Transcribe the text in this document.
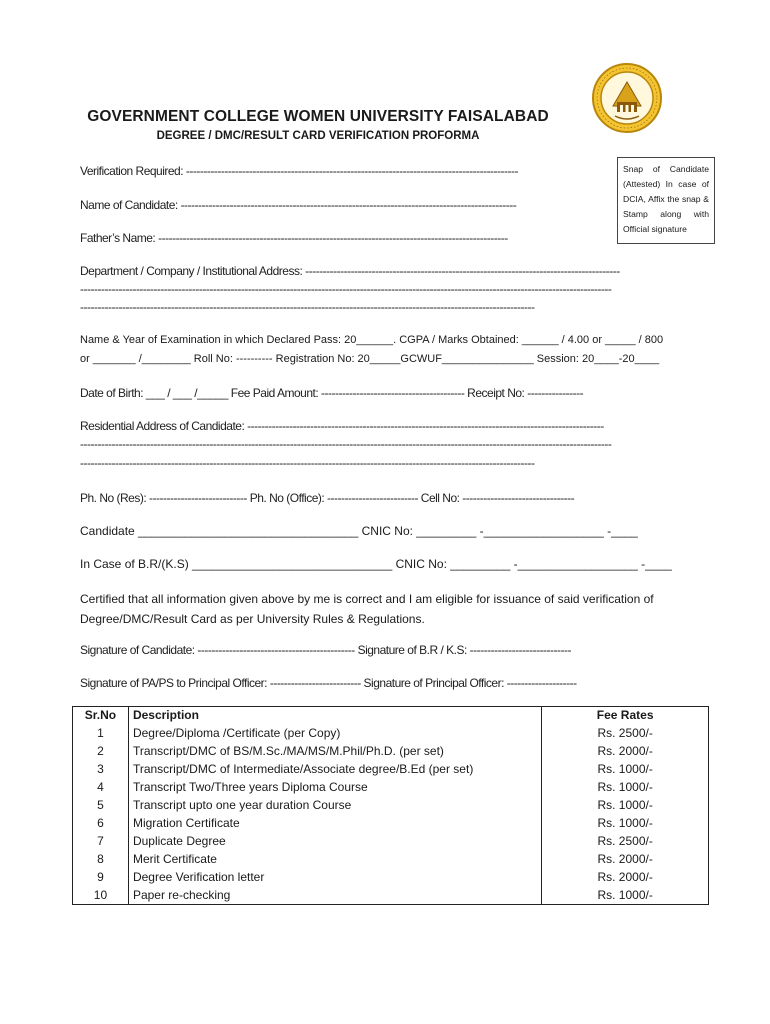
GOVERNMENT COLLEGE WOMEN UNIVERSITY FAISALABAD
DEGREE / DMC/RESULT CARD VERIFICATION PROFORMA
Snap of Candidate (Attested) In case of DCIA, Affix the snap & Stamp along with Official signature
Verification Required: -----------------------------------------------------------------------------------------------
Name of Candidate: ------------------------------------------------------------------------------------------------
Father’s Name: ----------------------------------------------------------------------------------------------------
Department / Company / Institutional Address: ------------------------------------------------------------------------------------------
--------------------------------------------------------------------------------------------------------------------------------------------------------
----------------------------------------------------------------------------------------------------------------------------------
Name & Year of Examination in which Declared Pass: 20______. CGPA / Marks Obtained: ______ / 4.00 or _____ / 800
or _______ /________ Roll No: ---------- Registration No: 20_____GCWUF_______________ Session: 20____-20____
Date of Birth: ___ / ___ /_____ Fee Paid Amount: ----------------------------------------- Receipt No: ----------------
Residential Address of Candidate: ------------------------------------------------------------------------------------------------------
--------------------------------------------------------------------------------------------------------------------------------------------------------
----------------------------------------------------------------------------------------------------------------------------------
Ph. No (Res): ---------------------------- Ph. No (Office): -------------------------- Cell No: --------------------------------
Candidate _________________________________ CNIC No: _________ -__________________ -____
In Case of B.R/(K.S) ______________________________ CNIC No: _________ -__________________ -____
Certified that all information given above by me is correct and I am eligible for issuance of said verification of Degree/DMC/Result Card as per University Rules & Regulations.
Signature of Candidate: --------------------------------------------- Signature of B.R / K.S: -----------------------------
Signature of PA/PS to Principal Officer: -------------------------- Signature of Principal Officer: --------------------
Sr.No	Description	Fee Rates
1	Degree/Diploma /Certificate (per Copy)	Rs. 2500/-
2	Transcript/DMC of BS/M.Sc./MA/MS/M.Phil/Ph.D. (per set)	Rs. 2000/-
3	Transcript/DMC of Intermediate/Associate degree/B.Ed (per set)	Rs. 1000/-
4	Transcript Two/Three years Diploma Course	Rs. 1000/-
5	Transcript upto one year duration Course	Rs. 1000/-
6	Migration Certificate	Rs. 1000/-
7	Duplicate Degree	Rs. 2500/-
8	Merit Certificate	Rs. 2000/-
9	Degree Verification letter	Rs. 2000/-
10	Paper re-checking	Rs. 1000/-
